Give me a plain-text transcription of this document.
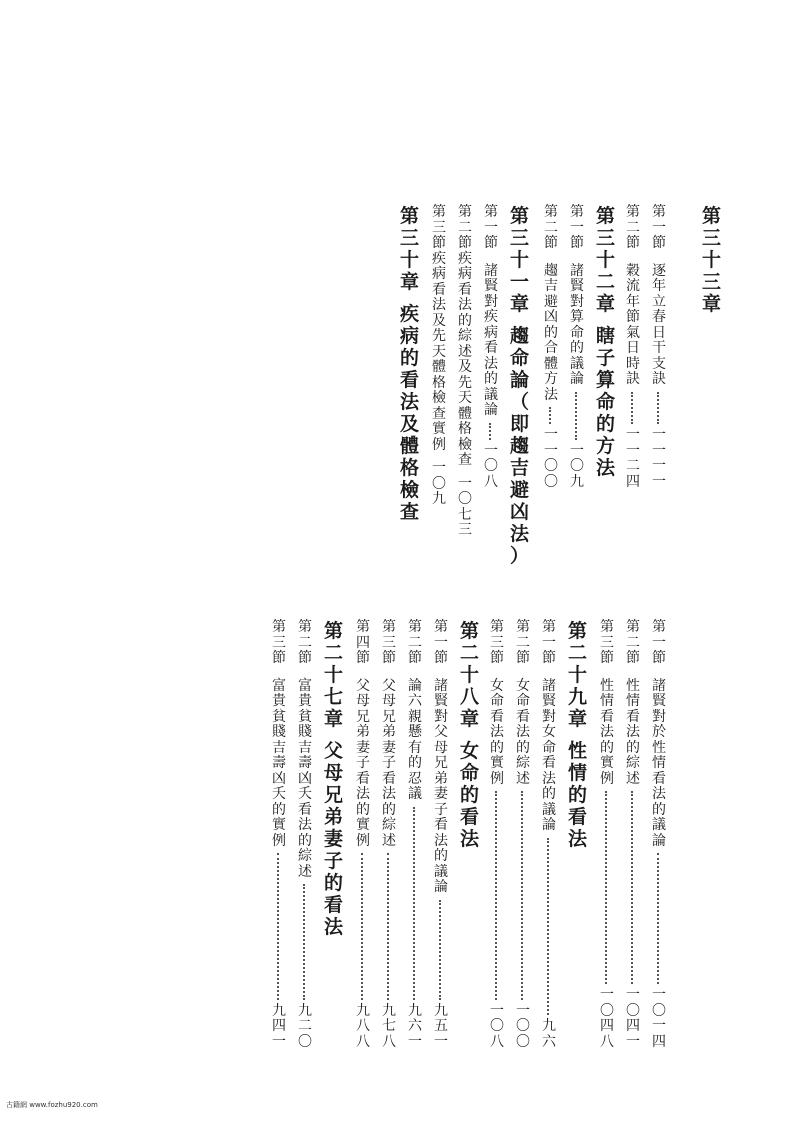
第
三
十
三
章
第
一
節
逐
年
立
春
日
干
支
訣
一
一
一
一
第
二
節
穀
流
年
節
氣
日
時
訣
一
一
二
四
第
三
十
二
章
瞎
子
算
命
的
方
法
第
一
節
諸
賢
對
算
命
的
議
論
一
〇
九
第
二
節
趨
吉
避
凶
的
合
體
方
法
一
一
〇
〇
第
三
十
一
章
趨
命
論
（
即
趨
吉
避
凶
法
）
第
一
節
諸
賢
對
疾
病
看
法
的
議
論
一
〇
八
第
二
節
疾
病
看
法
的
綜
述
及
先
天
體
格
檢
查
一
〇
七
三
第
三
節
疾
病
看
法
及
先
天
體
格
檢
查
實
例
一
〇
九
第
三
十
章
疾
病
的
看
法
及
體
格
檢
查
第
一
節
諸
賢
對
於
性
情
看
法
的
議
論
一
〇
一
四
第
二
節
性
情
看
法
的
綜
述
一
〇
四
一
第
三
節
性
情
看
法
的
實
例
一
〇
四
八
第
二
十
九
章
性
情
的
看
法
第
一
節
諸
賢
對
女
命
看
法
的
議
論
九
六
第
二
節
女
命
看
法
的
綜
述
一
〇
〇
第
三
節
女
命
看
法
的
實
例
一
〇
八
第
二
十
八
章
女
命
的
看
法
第
一
節
諸
賢
對
父
母
兄
弟
妻
子
看
法
的
議
論
九
五
一
第
二
節
論
六
親
懸
有
的
忍
議
九
六
一
第
三
節
父
母
兄
弟
妻
子
看
法
的
綜
述
九
七
八
第
四
節
父
母
兄
弟
妻
子
看
法
的
實
例
九
八
八
第
二
十
七
章
父
母
兄
弟
妻
子
的
看
法
第
二
節
富
貴
貧
賤
吉
壽
凶
夭
看
法
的
綜
述
九
二
〇
第
三
節
富
貴
貧
賤
吉
壽
凶
夭
的
實
例
九
四
一
古籍網 www.fozhu920.com
